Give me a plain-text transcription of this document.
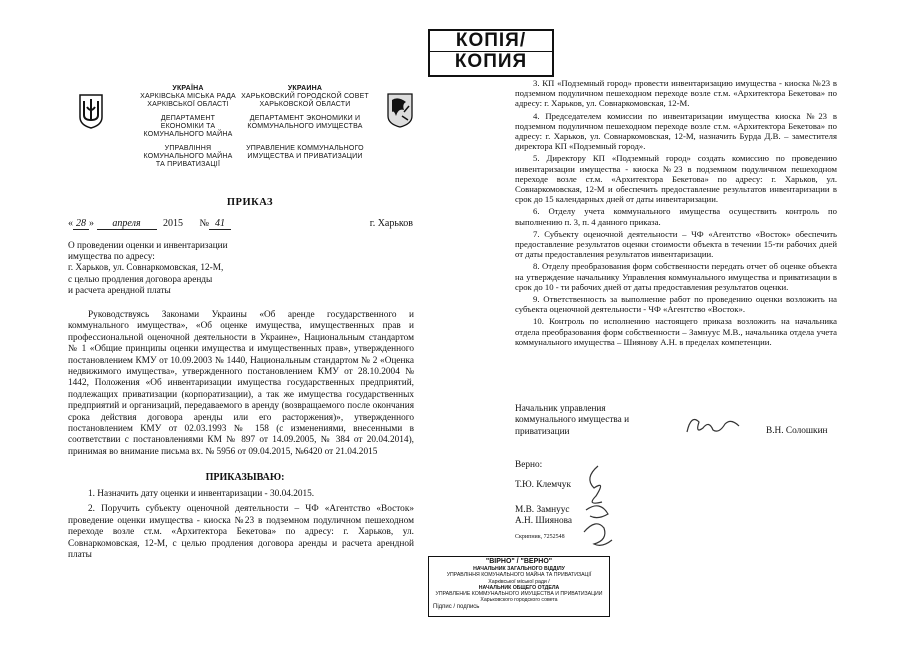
КОПІЯ/
КОПИЯ
УКРАЇНА
ХАРКІВСЬКА МІСЬКА РАДА
ХАРКІВСЬКОЇ ОБЛАСТІ
ДЕПАРТАМЕНТ
ЕКОНОМІКИ ТА
КОМУНАЛЬНОГО МАЙНА
УПРАВЛІННЯ
КОМУНАЛЬНОГО МАЙНА
ТА ПРИВАТИЗАЦІЇ
УКРАИНА
ХАРЬКОВСКИЙ ГОРОДСКОЙ СОВЕТ
ХАРЬКОВСКОЙ ОБЛАСТИ
ДЕПАРТАМЕНТ ЭКОНОМИКИ И
КОММУНАЛЬНОГО ИМУЩЕСТВА
УПРАВЛЕНИЕ КОММУНАЛЬНОГО
ИМУЩЕСТВА И ПРИВАТИЗАЦИИ
ПРИКАЗ
« 28 » апреля 2015 № 41	г. Харьков
О проведении оценки и инвентаризации
имущества по адресу:
г. Харьков, ул. Совнаркомовская, 12-М,
с целью продления договора аренды
и расчета арендной платы
Руководствуясь Законами Украины «Об аренде государственного и коммунального имущества», «Об оценке имущества, имущественных прав и профессиональной оценочной деятельности в Украине», Национальным стандартом № 1 «Общие принципы оценки имущества и имущественных прав», утвержденного постановлением КМУ от 10.09.2003 № 1440, Национальным стандартом № 2 «Оценка недвижимого имущества», утвержденного постановлением КМУ от 28.10.2004 № 1442, Положения «Об инвентаризации имущества государственных предприятий, подлежащих приватизации (корпоратизации), а так же имущества государственных предприятий и организаций, передаваемого в аренду (возвращаемого после окончания срока действия договора аренды или его расторжения)», утвержденного постановлением КМУ от 02.03.1993 № 158 (с изменениями, внесенными в соответствии с постановлениями КМ № 897 от 14.09.2005, № 384 от 20.04.2014), принимая во внимание письма вх. № 5956 от 09.04.2015, №6420 от 21.04.2015
ПРИКАЗЫВАЮ:
1. Назначить дату оценки и инвентаризации - 30.04.2015.
2. Поручить субъекту оценочной деятельности – ЧФ «Агентство «Восток» проведение оценки имущества - киоска №23 в подземном подуличном пешеходном переходе возле ст.м. «Архитектора Бекетова» по адресу: г. Харьков, ул. Совнаркомовская, 12-М, с целью продления договора аренды и расчета арендной платы
3. КП «Подземный город» провести инвентаризацию имущества - киоска №23 в подземном подуличном пешеходном переходе возле ст.м. «Архитектора Бекетова» по адресу: г. Харьков, ул. Совнаркомовская, 12-М.
4. Председателем комиссии по инвентаризации имущества киоска №23 в подземном подуличном пешеходном переходе возле ст.м. «Архитектора Бекетова» по адресу: г. Харьков, ул. Совнаркомовская, 12-М, назначить Бурда Д.В. – заместителя директора КП «Подземный город».
5. Директору КП «Подземный город» создать комиссию по проведению инвентаризации имущества - киоска №23 в подземном подуличном пешеходном переходе возле ст.м. «Архитектора Бекетова» по адресу: г. Харьков, ул. Совнаркомовская, 12-М и обеспечить предоставление результатов инвентаризации в срок до 15 календарных дней от даты инвентаризации.
6. Отделу учета коммунального имущества осуществить контроль по выполнению п. 3, п. 4 данного приказа.
7. Субъекту оценочной деятельности – ЧФ «Агентство «Восток» обеспечить предоставление результатов оценки стоимости объекта в течении 15-ти рабочих дней от даты предоставления результатов инвентаризации.
8. Отделу преобразования форм собственности передать отчет об оценке объекта на утверждение начальнику Управления коммунального имущества и приватизации в срок до 10 - ти рабочих дней от даты предоставления результатов оценки.
9. Ответственность за выполнение работ по проведению оценки возложить на субъекта оценочной деятельности - ЧФ «Агентство «Восток».
10. Контроль по исполнению настоящего приказа возложить на начальника отдела преобразования форм собственности – Замнуус М.В., начальника отдела учета коммунального имущества – Шиянову А.Н. в пределах компетенции.
Начальник управления
коммунального имущества и
приватизации	В.Н. Солошкин
Верно:
Т.Ю. Клемчук
М.В. Замнуус
А.Н. Шиянова
Скрипник, 7252548
"ВІРНО" / "ВЕРНО"
НАЧАЛЬНИК ЗАГАЛЬНОГО ВІДДІЛУ
УПРАВЛІННЯ КОМУНАЛЬНОГО МАЙНА ТА ПРИВАТИЗАЦІЇ
Харківської міської ради /
НАЧАЛЬНИК ОБЩЕГО ОТДЕЛА
УПРАВЛЕНИЕ КОММУНАЛЬНОГО ИМУЩЕСТВА И ПРИВАТИЗАЦИИ
Харьковского городского совета
Підпис / подпись
